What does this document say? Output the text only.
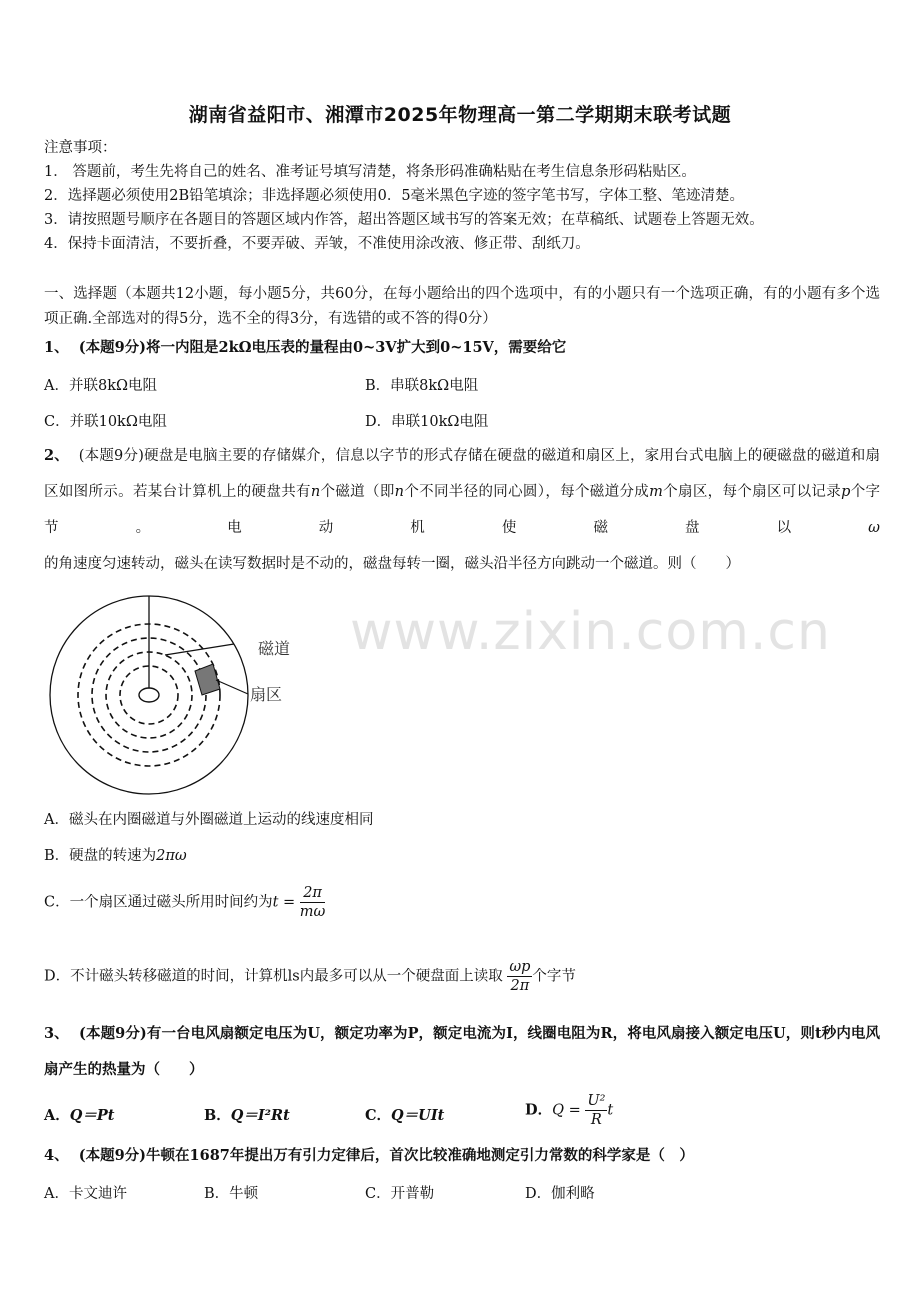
湖南省益阳市、湘潭市2025年物理高一第二学期期末联考试题
注意事项：
1． 答题前，考生先将自己的姓名、准考证号填写清楚，将条形码准确粘贴在考生信息条形码粘贴区。
2．选择题必须使用2B铅笔填涂；非选择题必须使用0．5毫米黑色字迹的签字笔书写，字体工整、笔迹清楚。
3．请按照题号顺序在各题目的答题区域内作答，超出答题区域书写的答案无效；在草稿纸、试题卷上答题无效。
4．保持卡面清洁，不要折叠，不要弄破、弄皱，不准使用涂改液、修正带、刮纸刀。
一、选择题（本题共12小题，每小题5分，共60分，在每小题给出的四个选项中，有的小题只有一个选项正确，有的小题有多个选项正确.全部选对的得5分，选不全的得3分，有选错的或不答的得0分）
1、 (本题9分)将一内阻是2kΩ电压表的量程由0~3V扩大到0~15V，需要给它
A．并联8kΩ电阻	B．串联8kΩ电阻
C．并联10kΩ电阻	D．串联10kΩ电阻
2、 (本题9分)硬盘是电脑主要的存储媒介，信息以字节的形式存储在硬盘的磁道和扇区上，家用台式电脑上的硬磁盘的磁道和扇区如图所示。若某台计算机上的硬盘共有n个磁道（即n个不同半径的同心圆），每个磁道分成m个扇区，每个扇区可以记录p个字节。电动机使磁盘以ω的角速度匀速转动，磁头在读写数据时是不动的，磁盘每转一圈，磁头沿半径方向跳动一个磁道。则（　　）
磁道
扇区
A．磁头在内圈磁道与外圈磁道上运动的线速度相同
B．硬盘的转速为2πω
C．一个扇区通过磁头所用时间约为$t = \frac{2\pi}{m\omega}$
D．不计磁头转移磁道的时间，计算机ls内最多可以从一个硬盘面上读取 $\frac{\omega p}{2\pi}$ 个字节
3、 (本题9分)有一台电风扇额定电压为U，额定功率为P，额定电流为I，线圈电阻为R，将电风扇接入额定电压U，则t秒内电风扇产生的热量为（　　）
A．Q＝Pt	B．Q＝I²Rt	C．Q＝UIt	D．$Q = \frac{\text{U²}}{R}$ t
4、 (本题9分)牛顿在1687年提出万有引力定律后，首次比较准确地测定引力常数的科学家是（　）
A．卡文迪许	B．牛顿	C．开普勒	D．伽利略
www.zixin.com.cn
